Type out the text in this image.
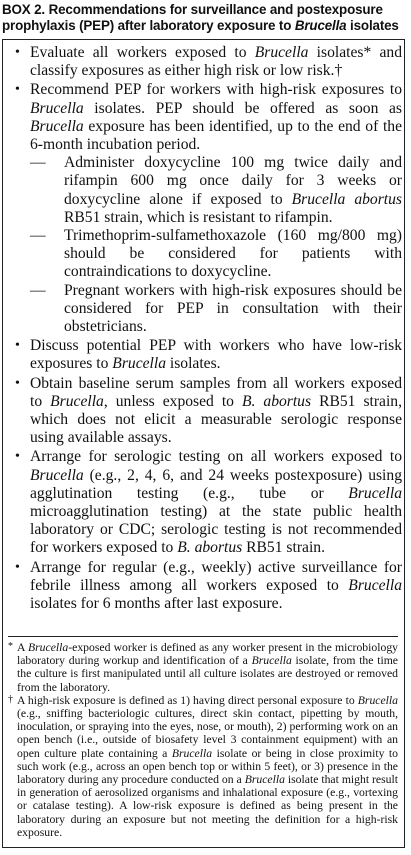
BOX 2. Recommendations for surveillance and postexposure prophylaxis (PEP) after laboratory exposure to Brucella isolates
• Evaluate all workers exposed to Brucella isolates* and classify exposures as either high risk or low risk.†
• Recommend PEP for workers with high-risk exposures to Brucella isolates. PEP should be offered as soon as Brucella exposure has been identified, up to the end of the 6-month incubation period.
—	Administer doxycycline 100 mg twice daily and rifampin 600 mg once daily for 3 weeks or doxycycline alone if exposed to Brucella abortus RB51 strain, which is resistant to rifampin.
—	Trimethoprim-sulfamethoxazole (160 mg/800 mg) should be considered for patients with contraindications to doxycycline.
—	Pregnant workers with high-risk exposures should be considered for PEP in consultation with their obstetricians.
• Discuss potential PEP with workers who have low-risk exposures to Brucella isolates.
• Obtain baseline serum samples from all workers exposed to Brucella, unless exposed to B. abortus RB51 strain, which does not elicit a measurable serologic response using available assays.
• Arrange for serologic testing on all workers exposed to Brucella (e.g., 2, 4, 6, and 24 weeks postexposure) using agglutination testing (e.g., tube or Brucella microagglutination testing) at the state public health laboratory or CDC; serologic testing is not recommended for workers exposed to B. abortus RB51 strain.
• Arrange for regular (e.g., weekly) active surveillance for febrile illness among all workers exposed to Brucella isolates for 6 months after last exposure.
* A Brucella-exposed worker is defined as any worker present in the microbiology laboratory during workup and identification of a Brucella isolate, from the time the culture is first manipulated until all culture isolates are destroyed or removed from the laboratory.
† A high-risk exposure is defined as 1) having direct personal exposure to Brucella (e.g., sniffing bacteriologic cultures, direct skin contact, pipetting by mouth, inoculation, or spraying into the eyes, nose, or mouth), 2) performing work on an open bench (i.e., outside of biosafety level 3 containment equipment) with an open culture plate containing a Brucella isolate or being in close proximity to such work (e.g., across an open bench top or within 5 feet), or 3) presence in the laboratory during any procedure conducted on a Brucella isolate that might result in generation of aerosolized organisms and inhalational exposure (e.g., vortexing or catalase testing). A low-risk exposure is defined as being present in the laboratory during an exposure but not meeting the definition for a high-risk exposure.
